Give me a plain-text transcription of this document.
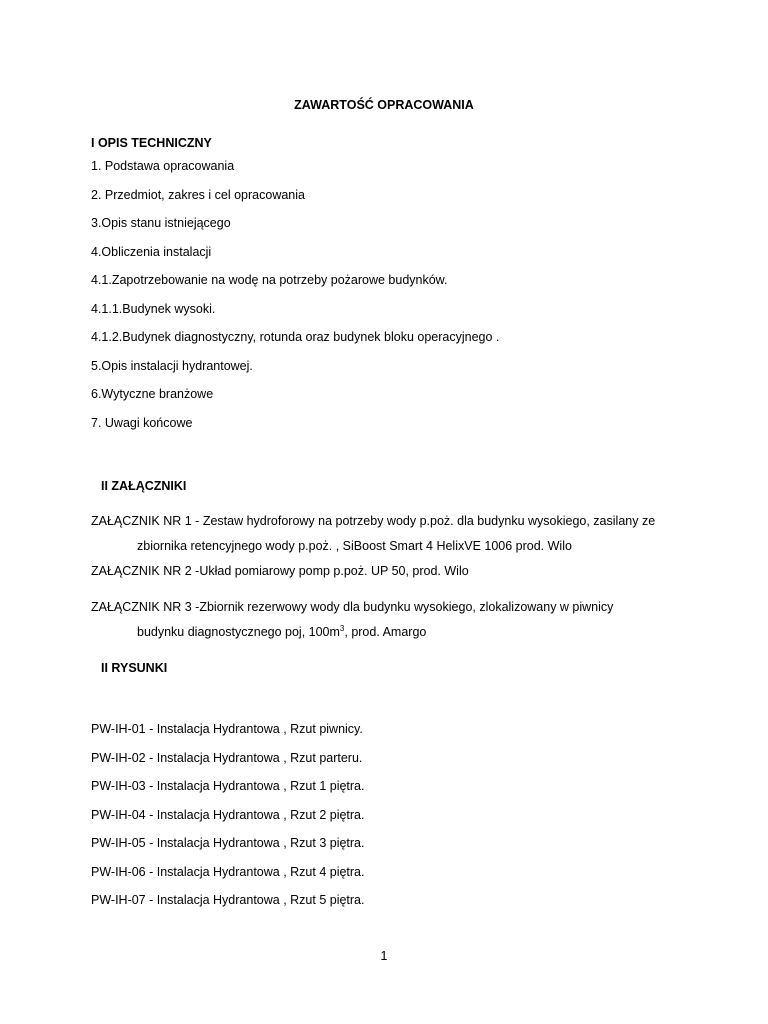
ZAWARTOŚĆ OPRACOWANIA
I OPIS TECHNICZNY
1. Podstawa opracowania
2. Przedmiot, zakres i cel opracowania
3.Opis stanu istniejącego
4.Obliczenia instalacji
4.1.Zapotrzebowanie na wodę na potrzeby pożarowe budynków.
4.1.1.Budynek wysoki.
4.1.2.Budynek diagnostyczny, rotunda oraz budynek bloku operacyjnego .
5.Opis instalacji hydrantowej.
6.Wytyczne branżowe
7. Uwagi końcowe
II ZAŁĄCZNIKI
ZAŁĄCZNIK NR 1 - Zestaw hydroforowy na potrzeby wody p.poż. dla budynku wysokiego, zasilany ze
zbiornika retencyjnego wody p.poż. , SiBoost Smart 4 HelixVE 1006 prod. Wilo
ZAŁĄCZNIK NR 2 -Układ pomiarowy pomp p.poż. UP 50, prod. Wilo
ZAŁĄCZNIK NR 3 -Zbiornik rezerwowy wody dla budynku wysokiego, zlokalizowany w piwnicy
budynku diagnostycznego poj, $100m^3$, prod. Amargo
II RYSUNKI
PW-IH-01 - Instalacja Hydrantowa , Rzut piwnicy.
PW-IH-02 - Instalacja Hydrantowa , Rzut parteru.
PW-IH-03 - Instalacja Hydrantowa , Rzut 1 piętra.
PW-IH-04 - Instalacja Hydrantowa , Rzut 2 piętra.
PW-IH-05 - Instalacja Hydrantowa , Rzut 3 piętra.
PW-IH-06 - Instalacja Hydrantowa , Rzut 4 piętra.
PW-IH-07 - Instalacja Hydrantowa , Rzut 5 piętra.
1
